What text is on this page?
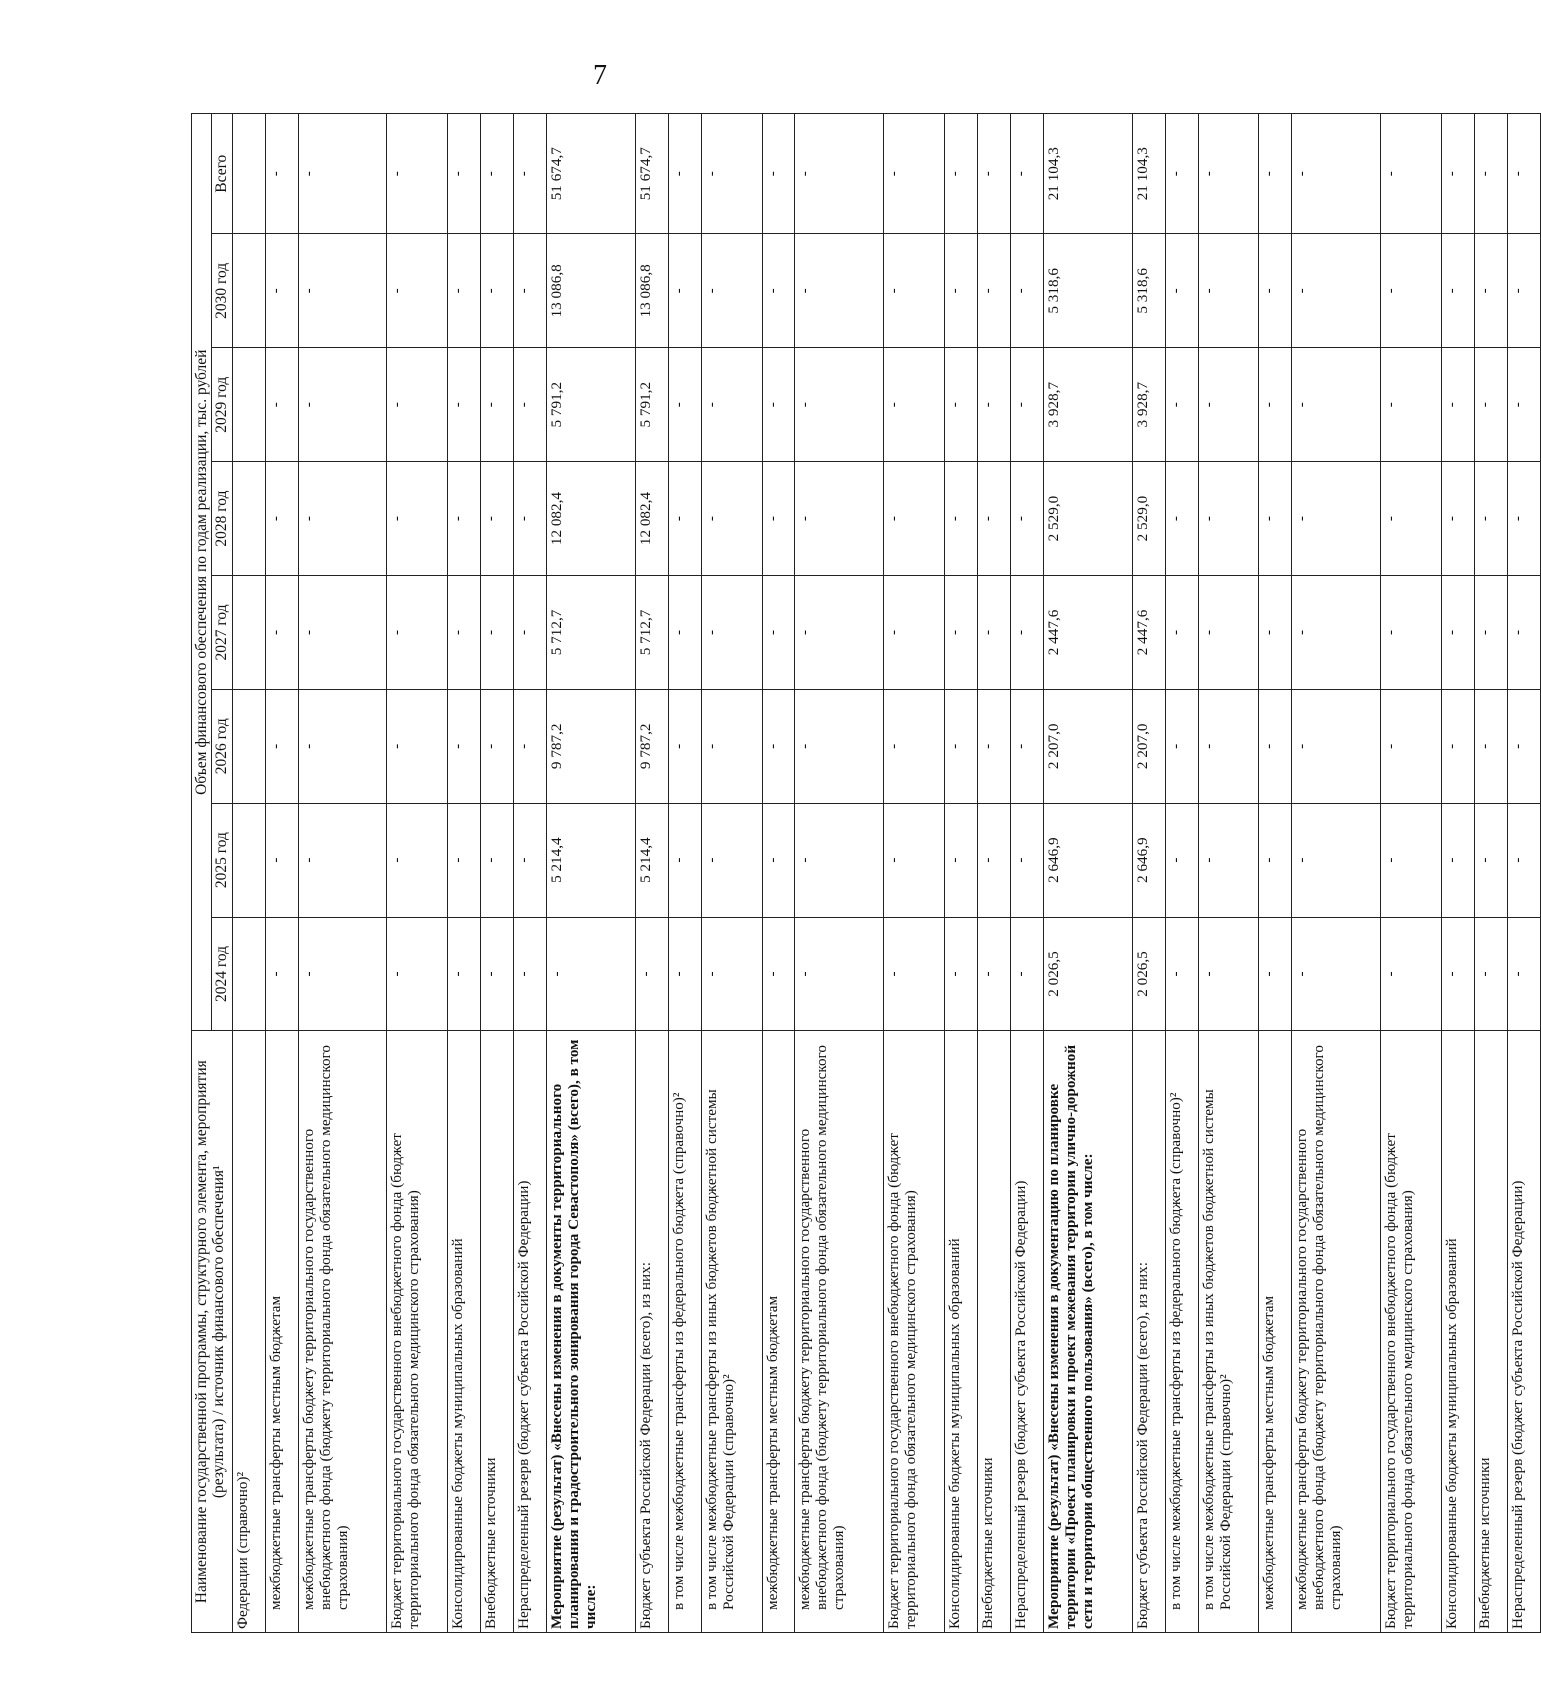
7
Наименование государственной программы, структурного элемента, мероприятия (результата) / источник финансового обеспечения¹	Объем финансового обеспечения по годам реализации, тыс. рублей							
	2024 год	2025 год	2026 год	2027 год	2028 год	2029 год	2030 год	Всего
Федерации (справочно)²								
межбюджетные трансферты местным бюджетам	-	-	-	-	-	-	-	-
межбюджетные трансферты бюджету территориального государственного внебюджетного фонда (бюджету территориального фонда обязательного медицинского страхования)	-	-	-	-	-	-	-	-
Бюджет территориального государственного внебюджетного фонда (бюджет территориального фонда обязательного медицинского страхования)	-	-	-	-	-	-	-	-
Консолидированные бюджеты муниципальных образований	-	-	-	-	-	-	-	-
Внебюджетные источники	-	-	-	-	-	-	-	-
Нераспределенный резерв (бюджет субъекта Российской Федерации)	-	-	-	-	-	-	-	-
Мероприятие (результат) «Внесены изменения в документы территориального планирования и градостроительного зонирования города Севастополя» (всего), в том числе:	-	5 214,4	9 787,2	5 712,7	12 082,4	5 791,2	13 086,8	51 674,7
Бюджет субъекта Российской Федерации (всего), из них:	-	5 214,4	9 787,2	5 712,7	12 082,4	5 791,2	13 086,8	51 674,7
в том числе межбюджетные трансферты из федерального бюджета (справочно)²	-	-	-	-	-	-	-	-
в том числе межбюджетные трансферты из иных бюджетов бюджетной системы Российской Федерации (справочно)²	-	-	-	-	-	-	-	-
межбюджетные трансферты местным бюджетам	-	-	-	-	-	-	-	-
межбюджетные трансферты бюджету территориального государственного внебюджетного фонда (бюджету территориального фонда обязательного медицинского страхования)	-	-	-	-	-	-	-	-
Бюджет территориального государственного внебюджетного фонда (бюджет территориального фонда обязательного медицинского страхования)	-	-	-	-	-	-	-	-
Консолидированные бюджеты муниципальных образований	-	-	-	-	-	-	-	-
Внебюджетные источники	-	-	-	-	-	-	-	-
Нераспределенный резерв (бюджет субъекта Российской Федерации)	-	-	-	-	-	-	-	-
Мероприятие (результат) «Внесены изменения в документацию по планировке территории «Проект планировки и проект межевания территории улично-дорожной сети и территории общественного пользования» (всего), в том числе:	2 026,5	2 646,9	2 207,0	2 447,6	2 529,0	3 928,7	5 318,6	21 104,3
Бюджет субъекта Российской Федерации (всего), из них:	2 026,5	2 646,9	2 207,0	2 447,6	2 529,0	3 928,7	5 318,6	21 104,3
в том числе межбюджетные трансферты из федерального бюджета (справочно)²	-	-	-	-	-	-	-	-
в том числе межбюджетные трансферты из иных бюджетов бюджетной системы Российской Федерации (справочно)²	-	-	-	-	-	-	-	-
межбюджетные трансферты местным бюджетам	-	-	-	-	-	-	-	-
межбюджетные трансферты бюджету территориального государственного внебюджетного фонда (бюджету территориального фонда обязательного медицинского страхования)	-	-	-	-	-	-	-	-
Бюджет территориального государственного внебюджетного фонда (бюджет территориального фонда обязательного медицинского страхования)	-	-	-	-	-	-	-	-
Консолидированные бюджеты муниципальных образований	-	-	-	-	-	-	-	-
Внебюджетные источники	-	-	-	-	-	-	-	-
Нераспределенный резерв (бюджет субъекта Российской Федерации)	-	-	-	-	-	-	-	-
